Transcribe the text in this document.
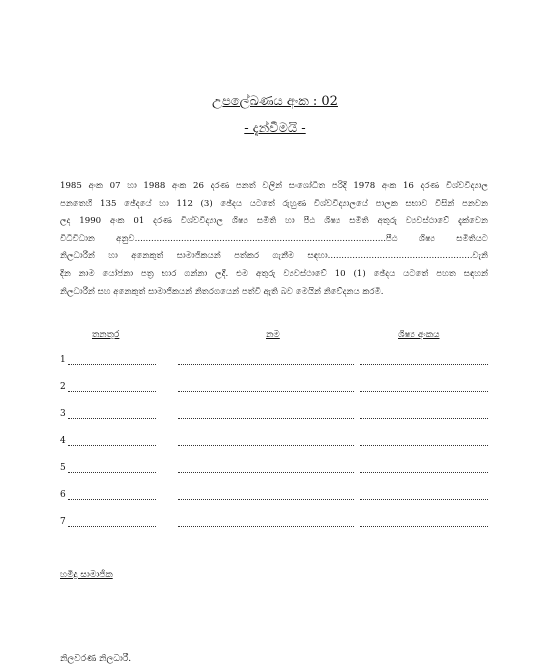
උපලේඛණය අංක : 02
- දැන්වීමයි -
1985 අංක 07 හා 1988 අංක 26 දරණ පනත් වලින් සංශෝධිත පරිදි 1978 අංක 16 දරණ විශ්වවිද්‍යාල
පනතෙහි 135 ඡේදයේ හා 112 (3) ඡේදය යටතේ රුහුණ විශ්වවිද්‍යාලයේ පාලක සභාව විසින් පනවන
ලද 1990 අංක 01 දරණ විශ්වවිද්‍යාල ශිෂ්‍ය සමිති හා පීඨ ශිෂ්‍ය සමිති අතුරු ව්‍යවස්ථාවේ දැක්වෙන
විධිවිධාන අනුව............................................................................................පීඨ ශිෂ්‍ය සමිතියට
නිලධාරීන් හා අනෙකුත් සාමාජිකයන් පත්කර ගැනීම සඳහා.....................................................වැනි
දින නාම යෝජනා පත්‍ර භාර ගන්නා ලදී. එම අතුරු ව්‍යවස්ථාවේ 10 (1) ඡේදය යටතේ පහත සඳහන්
නිලධාරීන් සහ අනෙකුත් සාමාජිකයන් නිතරගයෙන් පත්වී ඇති බව මෙයින් නිවේදනය කරමි.
තනතුර	නම	ශිෂ්‍ය අංකය
1
2
3
4
5
6
7
හමිදු සාමාජික
නිලවරණ නිලධාරී.
